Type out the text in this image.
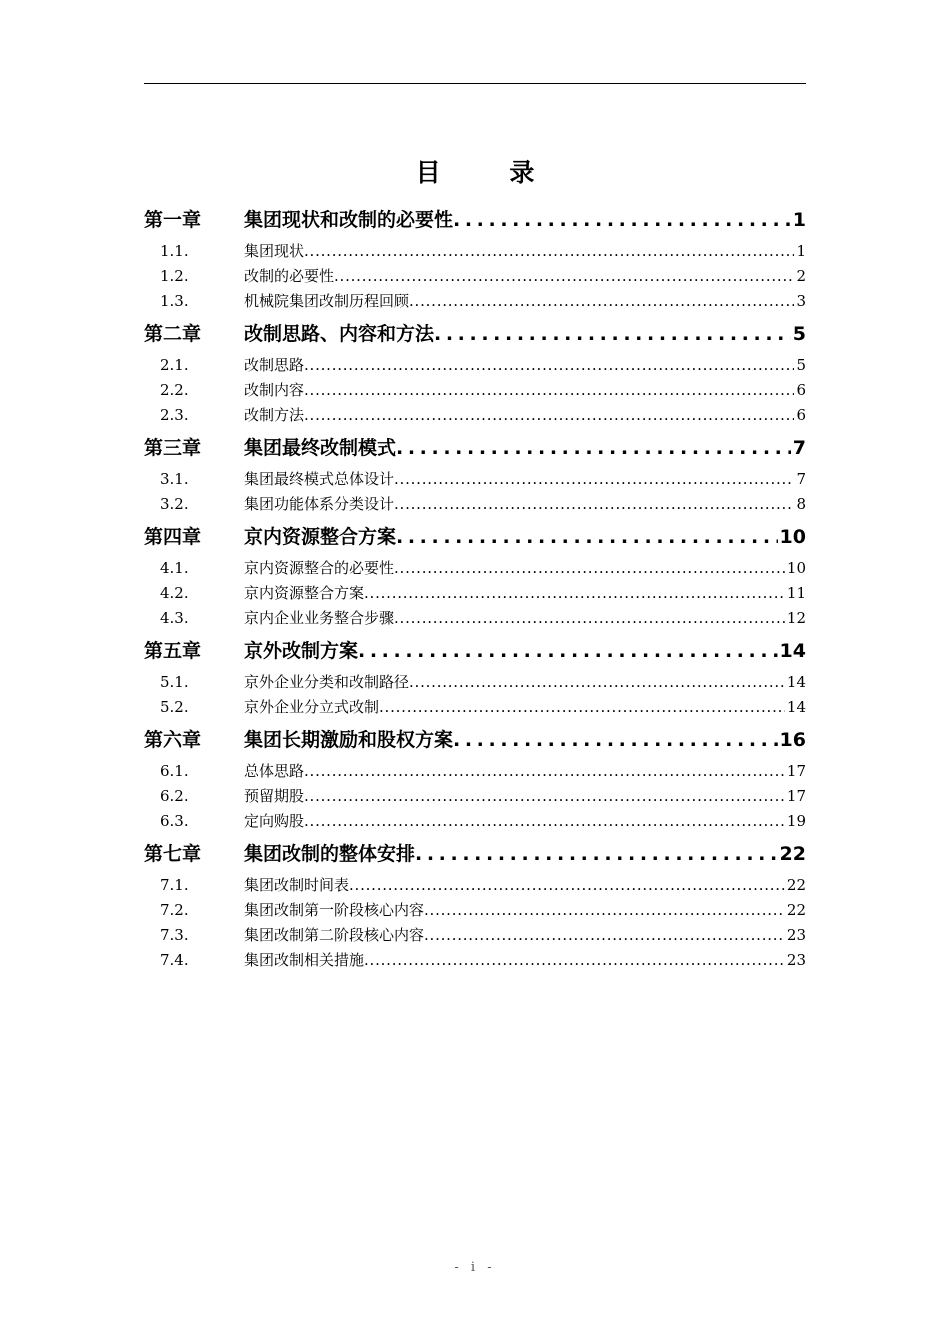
目 录
第一章	集团现状和改制的必要性 . . .	1
1.1.	集团现状 . . .	1
1.2.	改制的必要性 . . .	2
1.3.	机械院集团改制历程回顾 . . .	3
第二章	改制思路、内容和方法 . . .	5
2.1.	改制思路 . . .	5
2.2.	改制内容 . . .	6
2.3.	改制方法 . . .	6
第三章	集团最终改制模式 . . .	7
3.1.	集团最终模式总体设计 . . .	7
3.2.	集团功能体系分类设计 . . .	8
第四章	京内资源整合方案 . . .	10
4.1.	京内资源整合的必要性 . . .	10
4.2.	京内资源整合方案 . . .	11
4.3.	京内企业业务整合步骤 . . .	12
第五章	京外改制方案 . . .	14
5.1.	京外企业分类和改制路径 . . .	14
5.2.	京外企业分立式改制 . . .	14
第六章	集团长期激励和股权方案 . . .	16
6.1.	总体思路 . . .	17
6.2.	预留期股 . . .	17
6.3.	定向购股 . . .	19
第七章	集团改制的整体安排 . . .	22
7.1.	集团改制时间表 . . .	22
7.2.	集团改制第一阶段核心内容 . . .	22
7.3.	集团改制第二阶段核心内容 . . .	23
7.4.	集团改制相关措施 . . .	23
- i -
